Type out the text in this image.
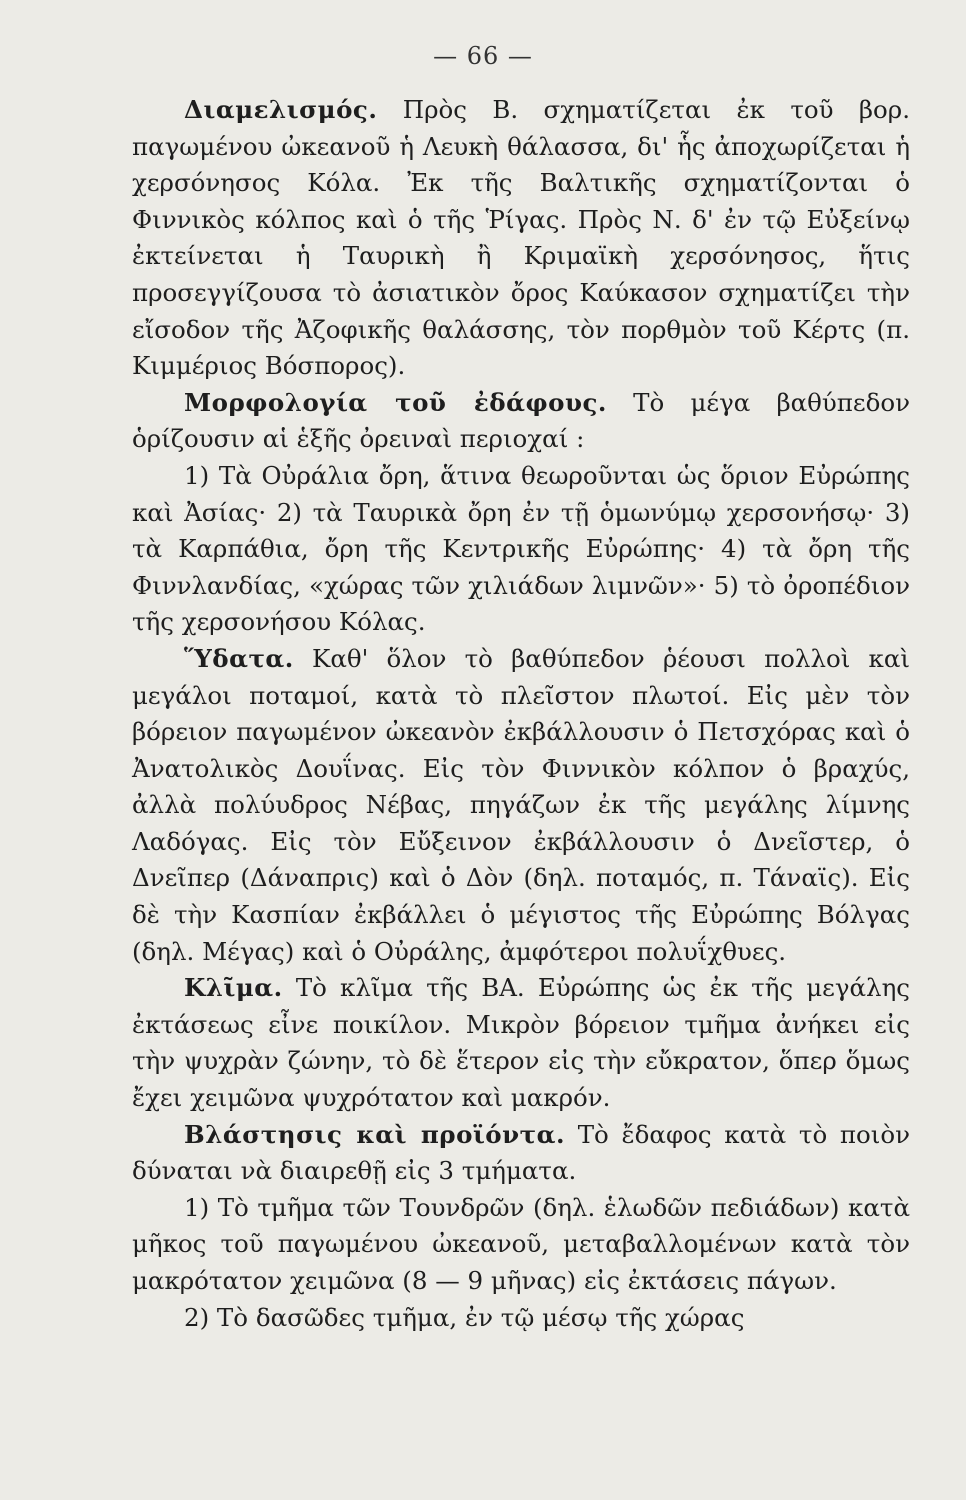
— 66 —

Διαμελισμός. Πρὸς Β. σχηματίζεται ἐκ τοῦ βορ. παγωμένου ὠκεανοῦ ἡ Λευκὴ θάλασσα, δι' ἧς ἀποχωρίζεται ἡ χερσόνησος Κόλα. Ἐκ τῆς Βαλτικῆς σχηματίζονται ὁ Φιννικὸς κόλπος καὶ ὁ τῆς Ῥίγας. Πρὸς Ν. δ' ἐν τῷ Εὐξείνῳ ἐκτείνεται ἡ Ταυρικὴ ἢ Κριμαϊκὴ χερσόνησος, ἥτις προσεγγίζουσα τὸ ἀσιατικὸν ὄρος Καύκασον σχηματίζει τὴν εἴσοδον τῆς Ἀζοφικῆς θαλάσσης, τὸν πορθμὸν τοῦ Κέρτς (π. Κιμμέριος Βόσπορος).

Μορφολογία τοῦ ἐδάφους. Τὸ μέγα βαθύπεδον ὁρίζουσιν αἱ ἑξῆς ὀρειναὶ περιοχαί :

1) Τὰ Οὐράλια ὄρη, ἅτινα θεωροῦνται ὡς ὅριον Εὐρώπης καὶ Ἀσίας· 2) τὰ Ταυρικὰ ὄρη ἐν τῇ ὁμωνύμῳ χερσονήσῳ· 3) τὰ Καρπάθια, ὄρη τῆς Κεντρικῆς Εὐρώπης· 4) τὰ ὄρη τῆς Φιννλανδίας, «χώρας τῶν χιλιάδων λιμνῶν»· 5) τὸ ὀροπέδιον τῆς χερσονήσου Κόλας.

Ὕδατα. Καθ' ὅλον τὸ βαθύπεδον ῥέουσι πολλοὶ καὶ μεγάλοι ποταμοί, κατὰ τὸ πλεῖστον πλωτοί. Εἰς μὲν τὸν βόρειον παγωμένον ὠκεανὸν ἐκβάλλουσιν ὁ Πετσχόρας καὶ ὁ Ἀνατολικὸς Δουΐνας. Εἰς τὸν Φιννικὸν κόλπον ὁ βραχύς, ἀλλὰ πολύυδρος Νέβας, πηγάζων ἐκ τῆς μεγάλης λίμνης Λαδόγας. Εἰς τὸν Εὔξεινον ἐκβάλλουσιν ὁ Δνεῖστερ, ὁ Δνεῖπερ (Δάναπρις) καὶ ὁ Δὸν (δηλ. ποταμός, π. Τάναϊς). Εἰς δὲ τὴν Κασπίαν ἐκβάλλει ὁ μέγιστος τῆς Εὐρώπης Βόλγας (δηλ. Μέγας) καὶ ὁ Οὐράλης, ἀμφότεροι πολυΐχθυες.

Κλῖμα. Τὸ κλῖμα τῆς ΒΑ. Εὐρώπης ὡς ἐκ τῆς μεγάλης ἐκτάσεως εἶνε ποικίλον. Μικρὸν βόρειον τμῆμα ἀνήκει εἰς τὴν ψυχρὰν ζώνην, τὸ δὲ ἕτερον εἰς τὴν εὔκρατον, ὅπερ ὅμως ἔχει χειμῶνα ψυχρότατον καὶ μακρόν.

Βλάστησις καὶ προϊόντα. Τὸ ἔδαφος κατὰ τὸ ποιὸν δύναται νὰ διαιρεθῇ εἰς 3 τμήματα.

1) Τὸ τμῆμα τῶν Τουνδρῶν (δηλ. ἑλωδῶν πεδιάδων) κατὰ μῆκος τοῦ παγωμένου ὠκεανοῦ, μεταβαλλομένων κατὰ τὸν μακρότατον χειμῶνα (8 — 9 μῆνας) εἰς ἐκτάσεις πάγων.

2) Τὸ δασῶδες τμῆμα, ἐν τῷ μέσῳ τῆς χώρας
